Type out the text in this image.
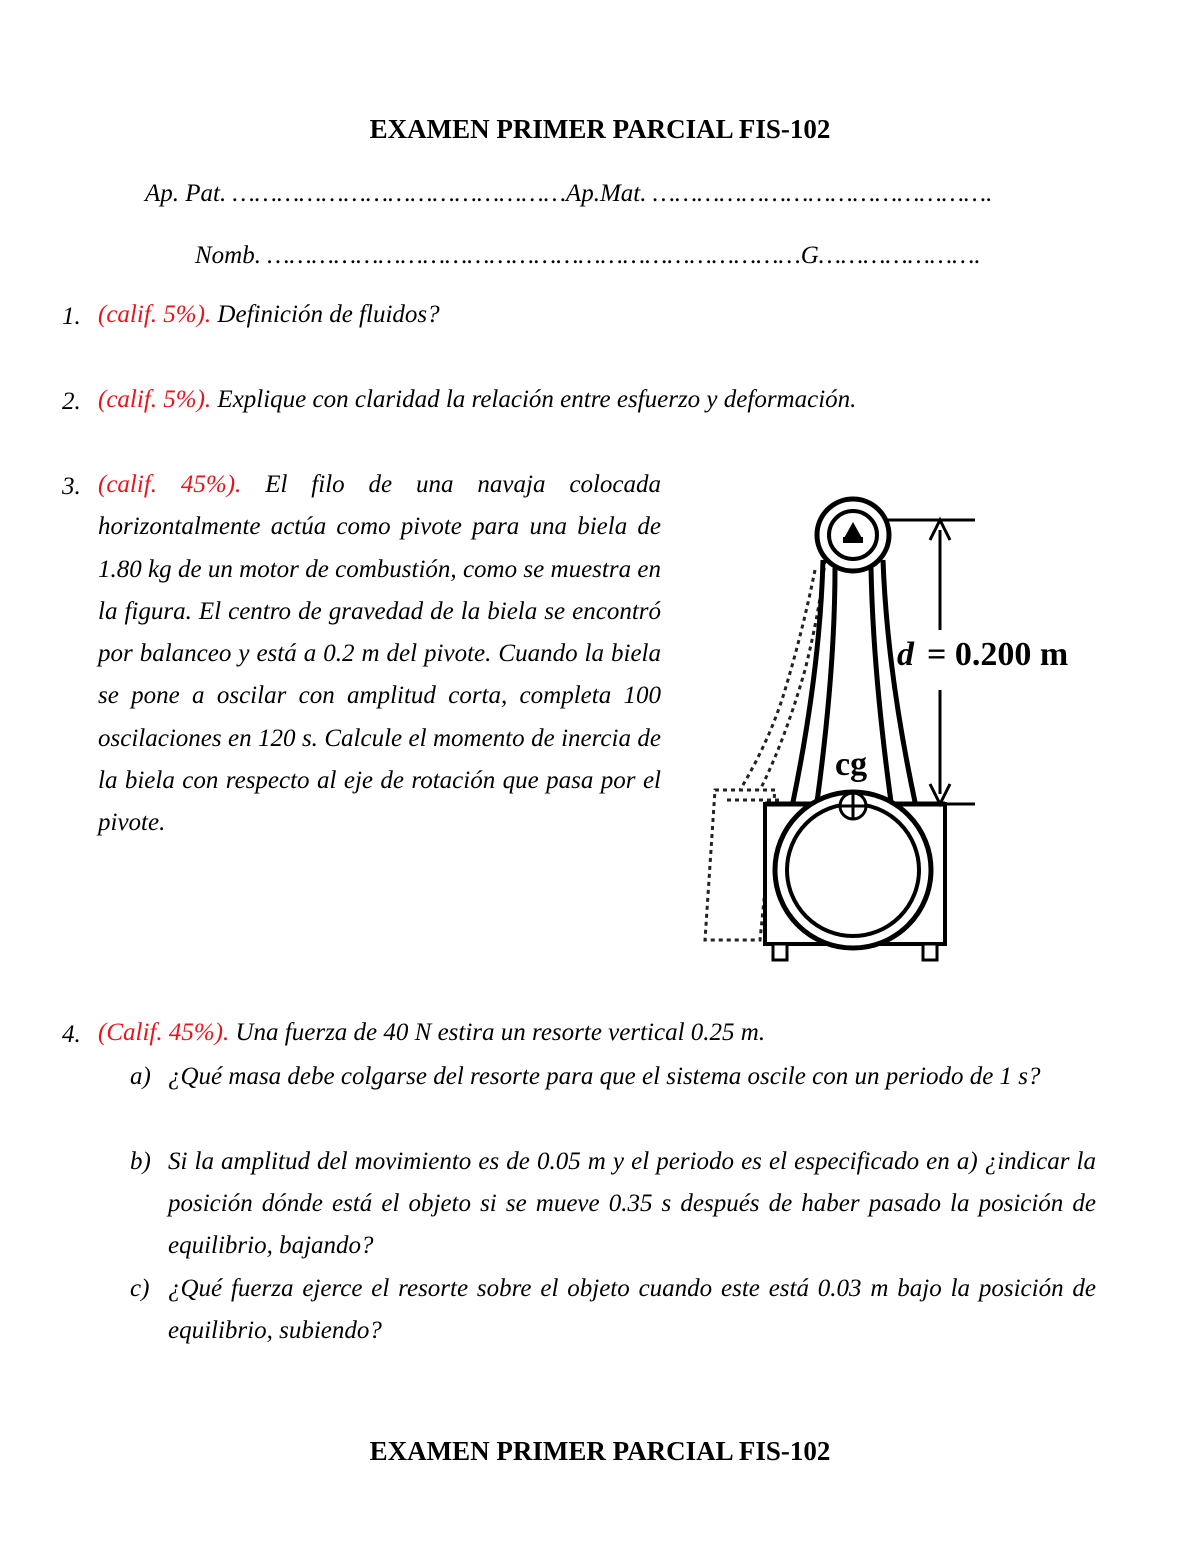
EXAMEN PRIMER PARCIAL FIS-102
Ap. Pat. ………………………………………Ap.Mat. ……………………………………….
Nomb. ………………………………………………………………G………………….
1. (calif. 5%). Definición de fluidos?
2. (calif. 5%). Explique con claridad la relación entre esfuerzo y deformación.
3. (calif. 45%). El filo de una navaja colocada horizontalmente actúa como pivote para una biela de 1.80 kg de un motor de combustión, como se muestra en la figura. El centro de gravedad de la biela se encontró por balanceo y está a 0.2 m del pivote. Cuando la biela se pone a oscilar con amplitud corta, completa 100 oscilaciones en 120 s. Calcule el momento de inercia de la biela con respecto al eje de rotación que pasa por el pivote.
cg
d = 0.200 m
4. (Calif. 45%). Una fuerza de 40 N estira un resorte vertical 0.25 m.
a) ¿Qué masa debe colgarse del resorte para que el sistema oscile con un periodo de 1 s?
b) Si la amplitud del movimiento es de 0.05 m y el periodo es el especificado en a) ¿indicar la posición dónde está el objeto si se mueve 0.35 s después de haber pasado la posición de equilibrio, bajando?
c) ¿Qué fuerza ejerce el resorte sobre el objeto cuando este está 0.03 m bajo la posición de equilibrio, subiendo?
EXAMEN PRIMER PARCIAL FIS-102
